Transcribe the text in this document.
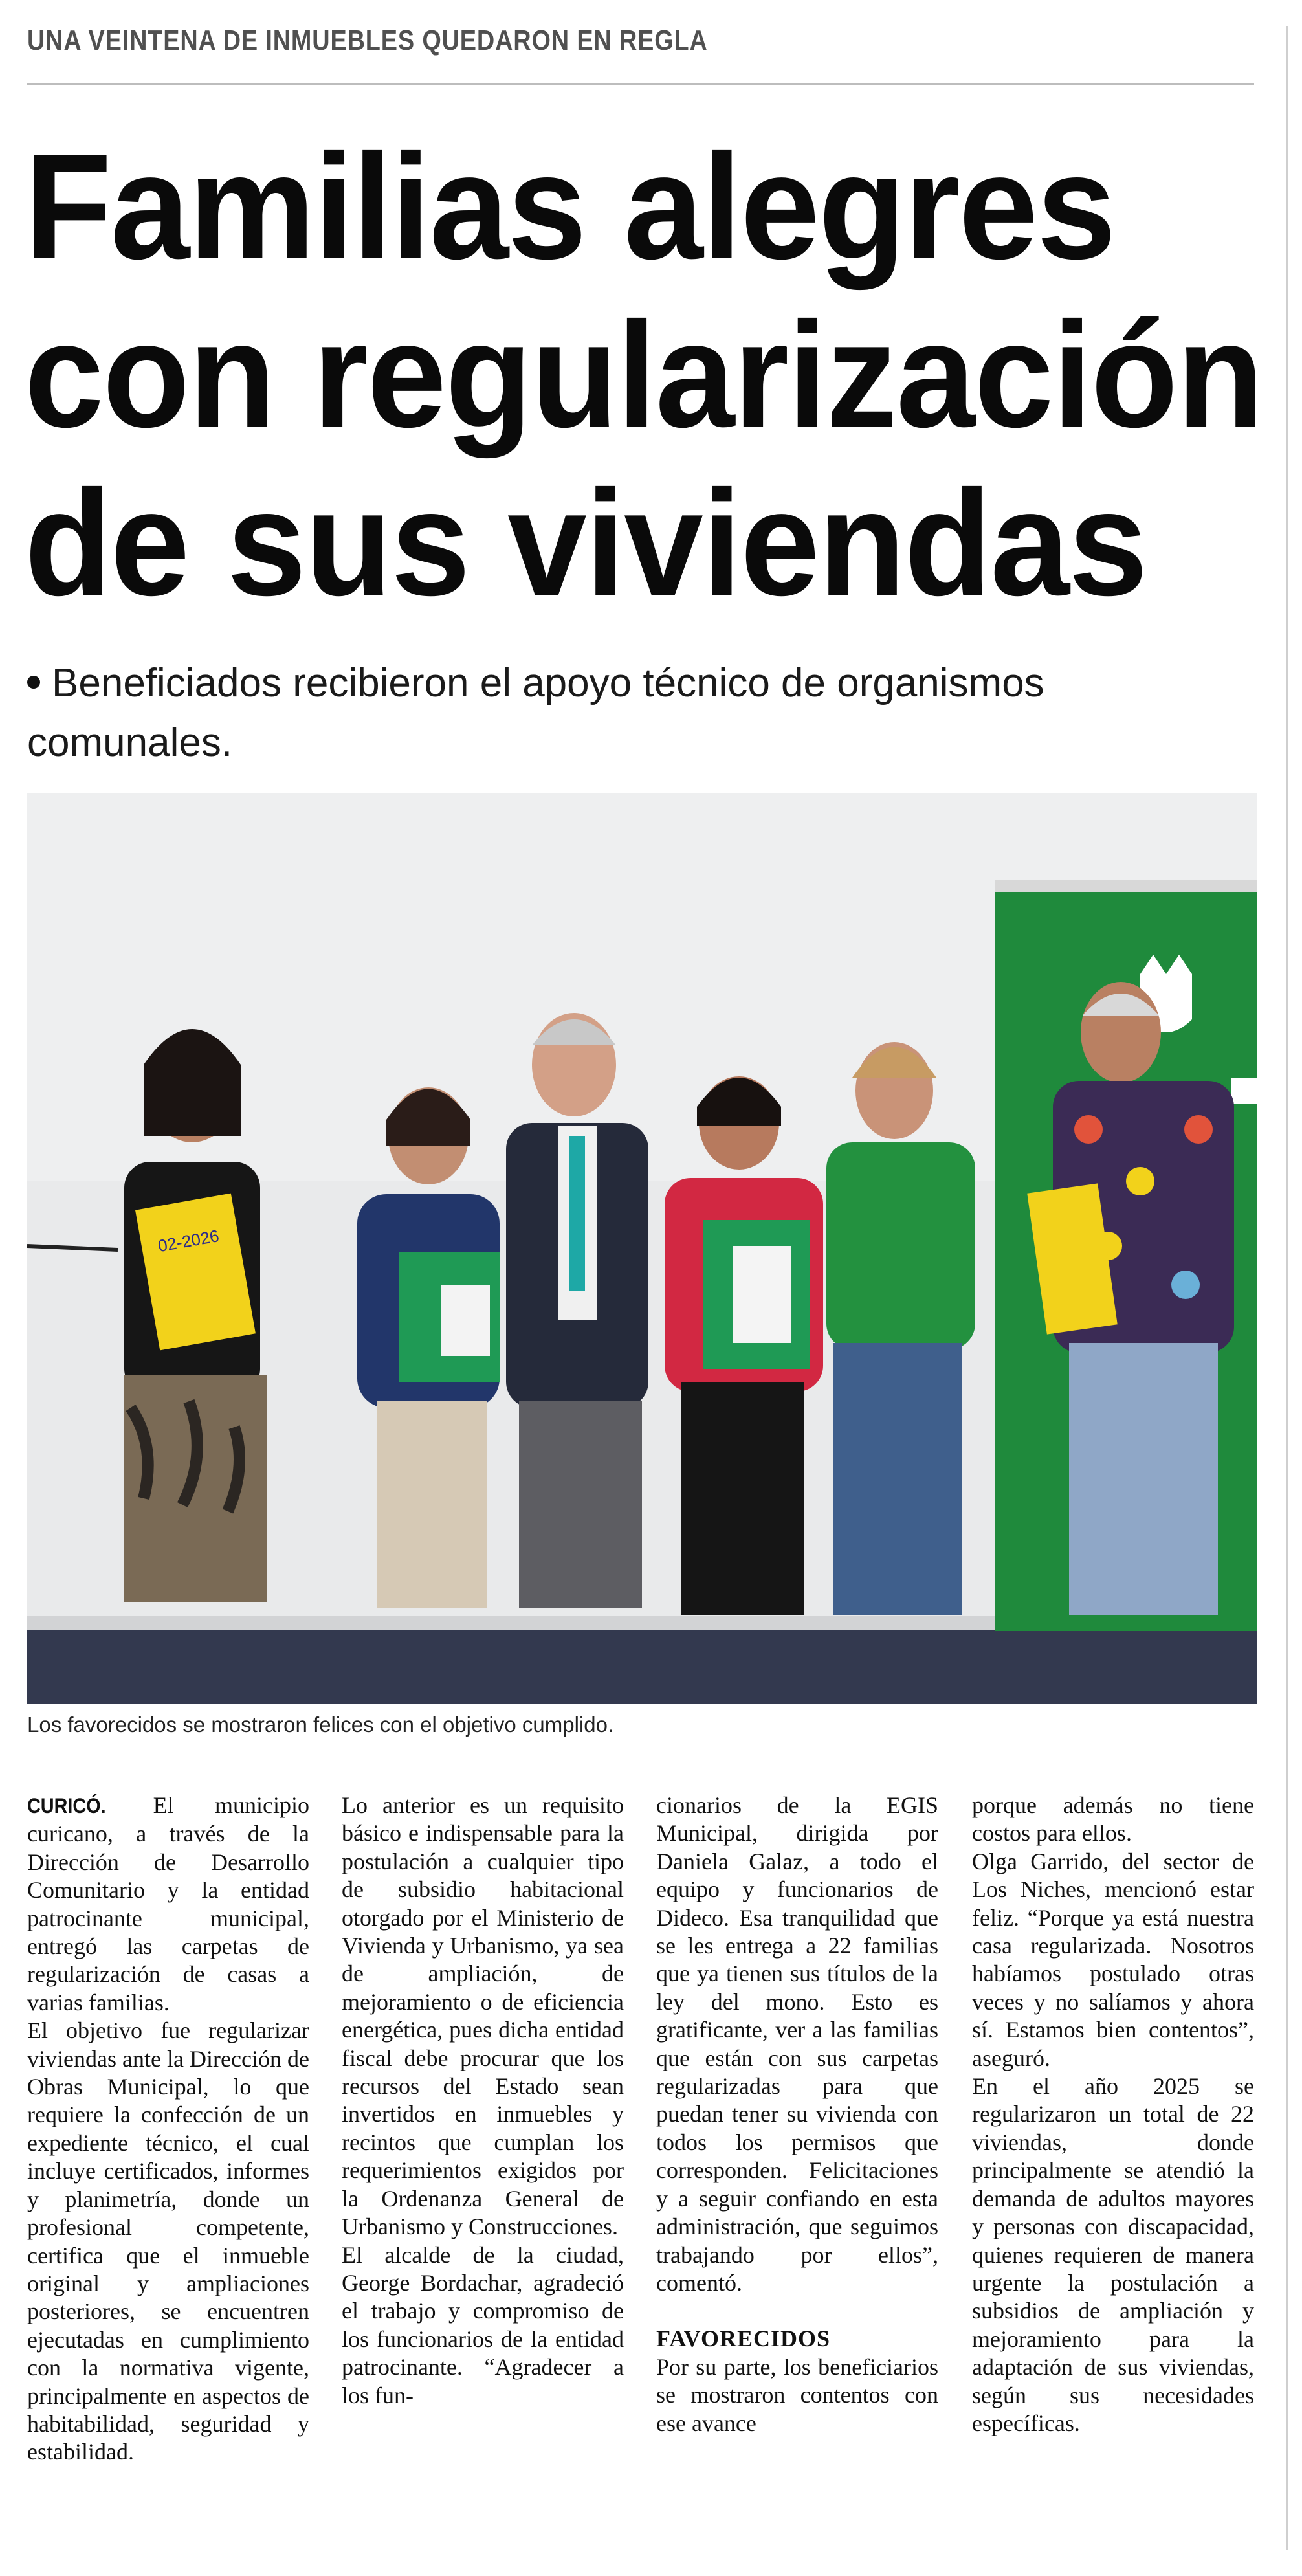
UNA VEINTENA DE INMUEBLES QUEDARON EN REGLA
Familias alegres
con regularización
de sus viviendas
Beneficiados recibieron el apoyo técnico de organismos comunales.
02-2026
Los favorecidos se mostraron felices con el objetivo cumplido.

CURICÓ. El municipio curicano, a través de la Dirección de Desarrollo Comunitario y la entidad patrocinante municipal, entregó las carpetas de regularización de casas a varias familias.

El objetivo fue regularizar viviendas ante la Dirección de Obras Municipal, lo que requiere la confección de un expediente técnico, el cual incluye certificados, informes y planimetría, donde un profesional competente, certifica que el inmueble original y ampliaciones posteriores, se encuentren ejecutadas en cumplimiento con la normativa vigente, principalmente en aspectos de habitabilidad, seguridad y estabilidad.

Lo anterior es un requisito básico e indispensable para la postulación a cualquier tipo de subsidio habitacional otorgado por el Ministerio de Vivienda y Urbanismo, ya sea de ampliación, de mejoramiento o de eficiencia energética, pues dicha entidad fiscal debe procurar que los recursos del Estado sean invertidos en inmuebles y recintos que cumplan los requerimientos exigidos por la Ordenanza General de Urbanismo y Construcciones.

El alcalde de la ciudad, George Bordachar, agradeció el trabajo y compromiso de los funcionarios de la entidad patrocinante. “Agradecer a los fun-

cionarios de la EGIS Municipal, dirigida por Daniela Galaz, a todo el equipo y funcionarios de Dideco. Esa tranquilidad que se les entrega a 22 familias que ya tienen sus títulos de la ley del mono. Esto es gratificante, ver a las familias que están con sus carpetas regularizadas para que puedan tener su vivienda con todos los permisos que corresponden. Felicitaciones y a seguir confiando en esta administración, que seguimos trabajando por ellos”, comentó.

FAVORECIDOS

Por su parte, los beneficiarios se mostraron contentos con ese avance

porque además no tiene costos para ellos.

Olga Garrido, del sector de Los Niches, mencionó estar feliz. “Porque ya está nuestra casa regularizada. Nosotros habíamos postulado otras veces y no salíamos y ahora sí. Estamos bien contentos”, aseguró.

En el año 2025 se regularizaron un total de 22 viviendas, donde principalmente se atendió la demanda de adultos mayores y personas con discapacidad, quienes requieren de manera urgente la postulación a subsidios de ampliación y mejoramiento para la adaptación de sus viviendas, según sus necesidades específicas.
